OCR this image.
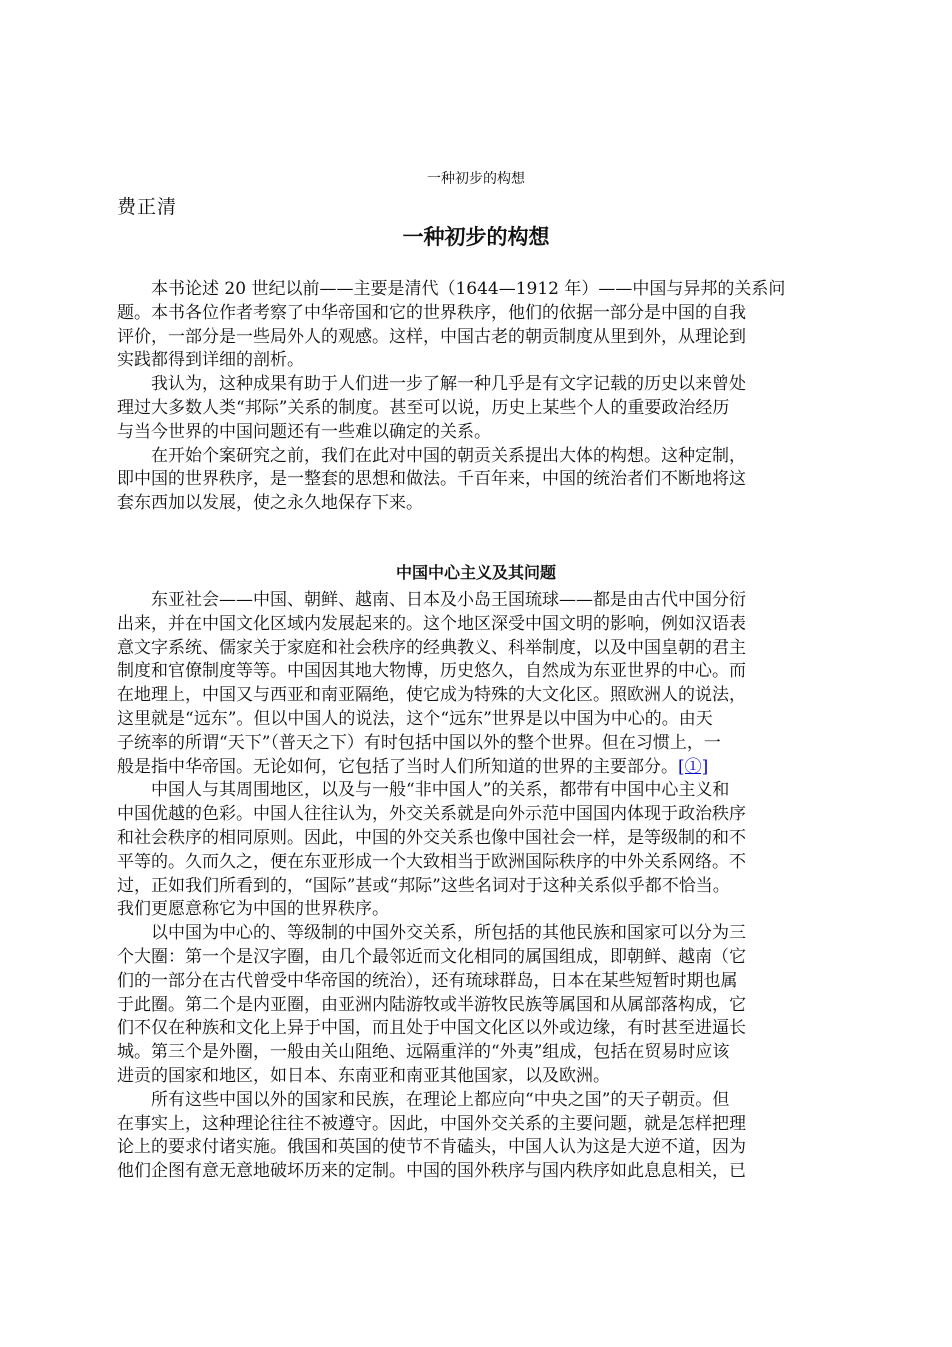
一种初步的构想
费正清
一种初步的构想
本书论述 20 世纪以前——主要是清代（1644—1912 年）——中国与异邦的关系问
题。本书各位作者考察了中华帝国和它的世界秩序，他们的依据一部分是中国的自我
评价，一部分是一些局外人的观感。这样，中国古老的朝贡制度从里到外，从理论到
实践都得到详细的剖析。
我认为，这种成果有助于人们进一步了解一种几乎是有文字记载的历史以来曾处
理过大多数人类“邦际”关系的制度。甚至可以说，历史上某些个人的重要政治经历
与当今世界的中国问题还有一些难以确定的关系。
在开始个案研究之前，我们在此对中国的朝贡关系提出大体的构想。这种定制，
即中国的世界秩序，是一整套的思想和做法。千百年来，中国的统治者们不断地将这
套东西加以发展，使之永久地保存下来。
中国中心主义及其问题
东亚社会——中国、朝鲜、越南、日本及小岛王国琉球——都是由古代中国分衍
出来，并在中国文化区域内发展起来的。这个地区深受中国文明的影响，例如汉语表
意文字系统、儒家关于家庭和社会秩序的经典教义、科举制度，以及中国皇朝的君主
制度和官僚制度等等。中国因其地大物博，历史悠久，自然成为东亚世界的中心。而
在地理上，中国又与西亚和南亚隔绝，使它成为特殊的大文化区。照欧洲人的说法，
这里就是“远东”。但以中国人的说法，这个“远东”世界是以中国为中心的。由天
子统率的所谓“天下”（普天之下）有时包括中国以外的整个世界。但在习惯上，一
般是指中华帝国。无论如何，它包括了当时人们所知道的世界的主要部分。[①]
中国人与其周围地区，以及与一般“非中国人”的关系，都带有中国中心主义和
中国优越的色彩。中国人往往认为，外交关系就是向外示范中国国内体现于政治秩序
和社会秩序的相同原则。因此，中国的外交关系也像中国社会一样，是等级制的和不
平等的。久而久之，便在东亚形成一个大致相当于欧洲国际秩序的中外关系网络。不
过，正如我们所看到的，“国际”甚或“邦际”这些名词对于这种关系似乎都不恰当。
我们更愿意称它为中国的世界秩序。
以中国为中心的、等级制的中国外交关系，所包括的其他民族和国家可以分为三
个大圈：第一个是汉字圈，由几个最邻近而文化相同的属国组成，即朝鲜、越南（它
们的一部分在古代曾受中华帝国的统治），还有琉球群岛，日本在某些短暂时期也属
于此圈。第二个是内亚圈，由亚洲内陆游牧或半游牧民族等属国和从属部落构成，它
们不仅在种族和文化上异于中国，而且处于中国文化区以外或边缘，有时甚至进逼长
城。第三个是外圈，一般由关山阻绝、远隔重洋的“外夷”组成，包括在贸易时应该
进贡的国家和地区，如日本、东南亚和南亚其他国家，以及欧洲。
所有这些中国以外的国家和民族，在理论上都应向“中央之国”的天子朝贡。但
在事实上，这种理论往往不被遵守。因此，中国外交关系的主要问题，就是怎样把理
论上的要求付诸实施。俄国和英国的使节不肯磕头，中国人认为这是大逆不道，因为
他们企图有意无意地破坏历来的定制。中国的国外秩序与国内秩序如此息息相关，已
